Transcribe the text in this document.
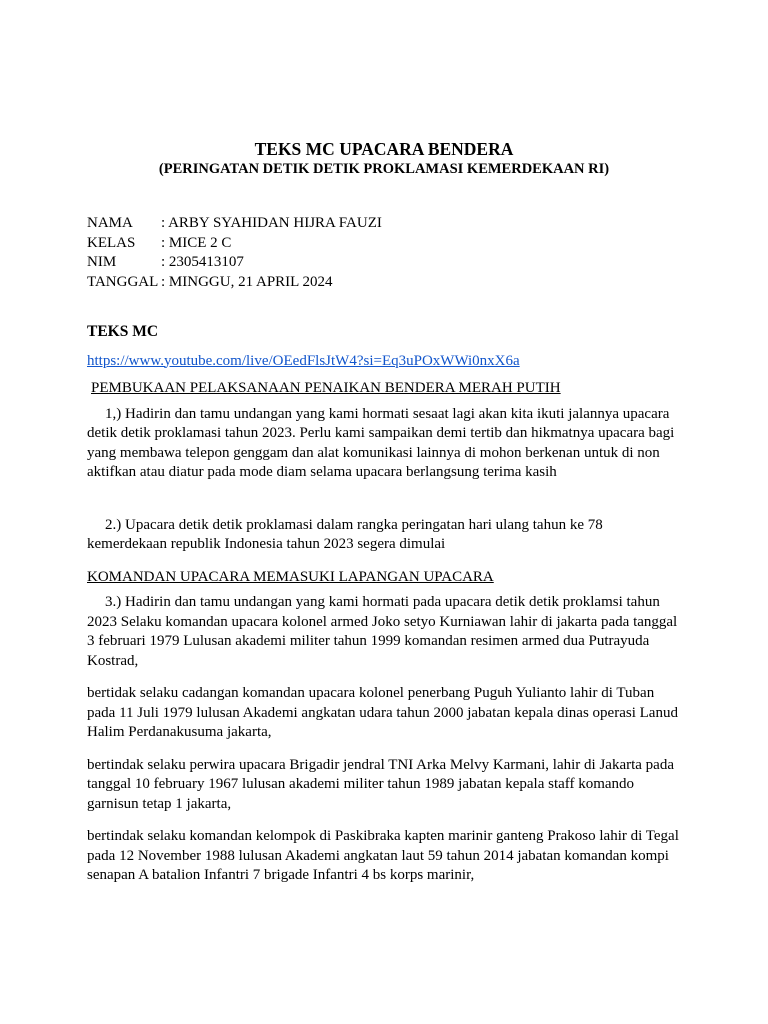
TEKS MC UPACARA BENDERA
(PERINGATAN DETIK DETIK PROKLAMASI KEMERDEKAAN RI)
NAMA	: ARBY SYAHIDAN HIJRA FAUZI
KELAS	: MICE 2 C
NIM	: 2305413107
TANGGAL : MINGGU, 21 APRIL 2024

TEKS MC

https://www.youtube.com/live/OEedFlsJtW4?si=Eq3uPOxWWi0nxX6a

PEMBUKAAN PELAKSANAAN PENAIKAN BENDERA MERAH PUTIH

1,) Hadirin dan tamu undangan yang kami hormati sesaat lagi akan kita ikuti jalannya upacara detik detik proklamasi tahun 2023. Perlu kami sampaikan demi tertib dan hikmatnya upacara bagi yang membawa telepon genggam dan alat komunikasi lainnya di mohon berkenan untuk di non aktifkan atau diatur pada mode diam selama upacara berlangsung terima kasih

2.) Upacara detik detik proklamasi dalam rangka peringatan hari ulang tahun ke 78 kemerdekaan republik Indonesia tahun 2023 segera dimulai

KOMANDAN UPACARA MEMASUKI LAPANGAN UPACARA

3.) Hadirin dan tamu undangan yang kami hormati pada upacara detik detik proklamsi tahun 2023 Selaku komandan upacara kolonel armed Joko setyo Kurniawan lahir di jakarta pada tanggal 3 februari 1979 Lulusan akademi militer tahun 1999 komandan resimen armed dua Putrayuda Kostrad,

bertidak selaku cadangan komandan upacara kolonel penerbang Puguh Yulianto lahir di Tuban pada 11 Juli 1979 lulusan Akademi angkatan udara tahun 2000 jabatan kepala dinas operasi Lanud Halim Perdanakusuma jakarta,

bertindak selaku perwira upacara Brigadir jendral TNI Arka Melvy Karmani, lahir di Jakarta pada tanggal 10 february 1967 lulusan akademi militer tahun 1989 jabatan kepala staff komando garnisun tetap 1 jakarta,

bertindak selaku komandan kelompok di Paskibraka kapten marinir ganteng Prakoso lahir di Tegal pada 12 November 1988 lulusan Akademi angkatan laut 59 tahun 2014 jabatan komandan kompi senapan A batalion Infantri 7 brigade Infantri 4 bs korps marinir,
